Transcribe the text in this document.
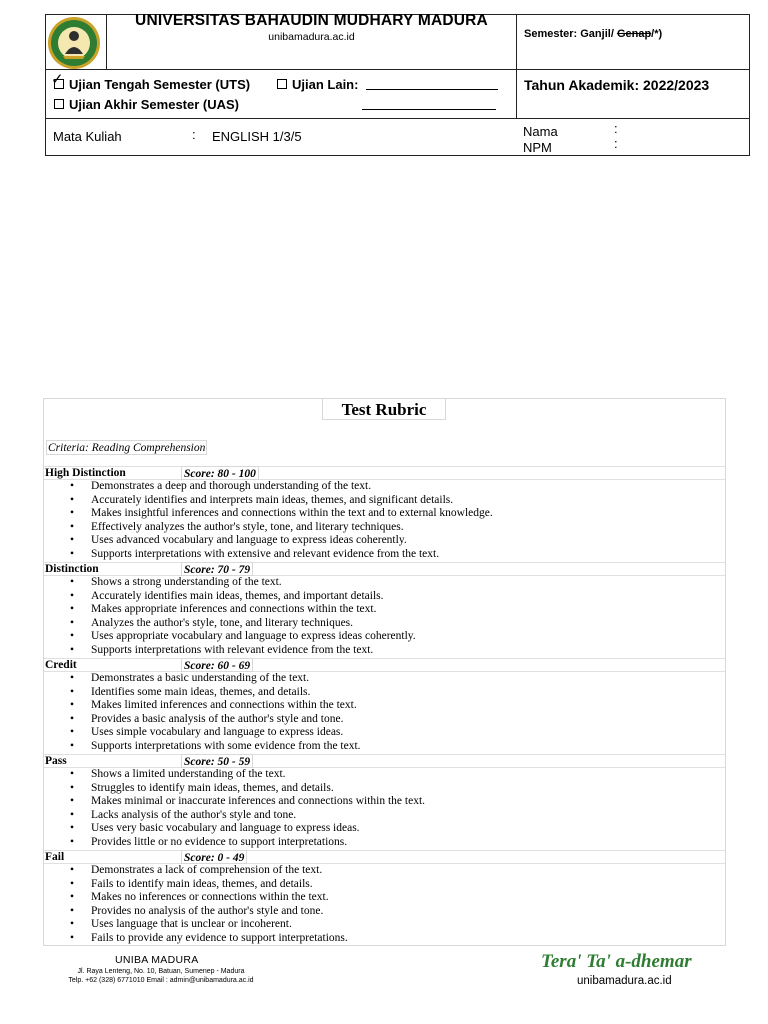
UNIVERSITAS BAHAUDIN MUDHARY MADURA
unibamadura.ac.id	Semester: Ganjil/ Genap/*)
Ujian Tengah Semester (UTS)
✓	Ujian Lain:
Ujian Akhir Semester (UAS)
Tahun Akademik: 2022/2023
Mata Kuliah	: ENGLISH 1/3/5	Nama	:
NPM	:
Test Rubric
Criteria: Reading Comprehension
High Distinction	Score: 80 - 100
• Demonstrates a deep and thorough understanding of the text.
• Accurately identifies and interprets main ideas, themes, and significant details.
• Makes insightful inferences and connections within the text and to external knowledge.
• Effectively analyzes the author's style, tone, and literary techniques.
• Uses advanced vocabulary and language to express ideas coherently.
• Supports interpretations with extensive and relevant evidence from the text.
Distinction	Score: 70 - 79
• Shows a strong understanding of the text.
• Accurately identifies main ideas, themes, and important details.
• Makes appropriate inferences and connections within the text.
• Analyzes the author's style, tone, and literary techniques.
• Uses appropriate vocabulary and language to express ideas coherently.
• Supports interpretations with relevant evidence from the text.
Credit	Score: 60 - 69
• Demonstrates a basic understanding of the text.
• Identifies some main ideas, themes, and details.
• Makes limited inferences and connections within the text.
• Provides a basic analysis of the author's style and tone.
• Uses simple vocabulary and language to express ideas.
• Supports interpretations with some evidence from the text.
Pass	Score: 50 - 59
• Shows a limited understanding of the text.
• Struggles to identify main ideas, themes, and details.
• Makes minimal or inaccurate inferences and connections within the text.
• Lacks analysis of the author's style and tone.
• Uses very basic vocabulary and language to express ideas.
• Provides little or no evidence to support interpretations.
Fail	Score: 0 - 49
• Demonstrates a lack of comprehension of the text.
• Fails to identify main ideas, themes, and details.
• Makes no inferences or connections within the text.
• Provides no analysis of the author's style and tone.
• Uses language that is unclear or incoherent.
• Fails to provide any evidence to support interpretations.
UNIBA MADURA
Jl. Raya Lenteng, No. 10, Batuan, Sumenep - Madura
Telp. +62 (328) 6771010 Email : admin@unibamadura.ac.id
Tera' Ta' a-dhemar
unibamadura.ac.id
